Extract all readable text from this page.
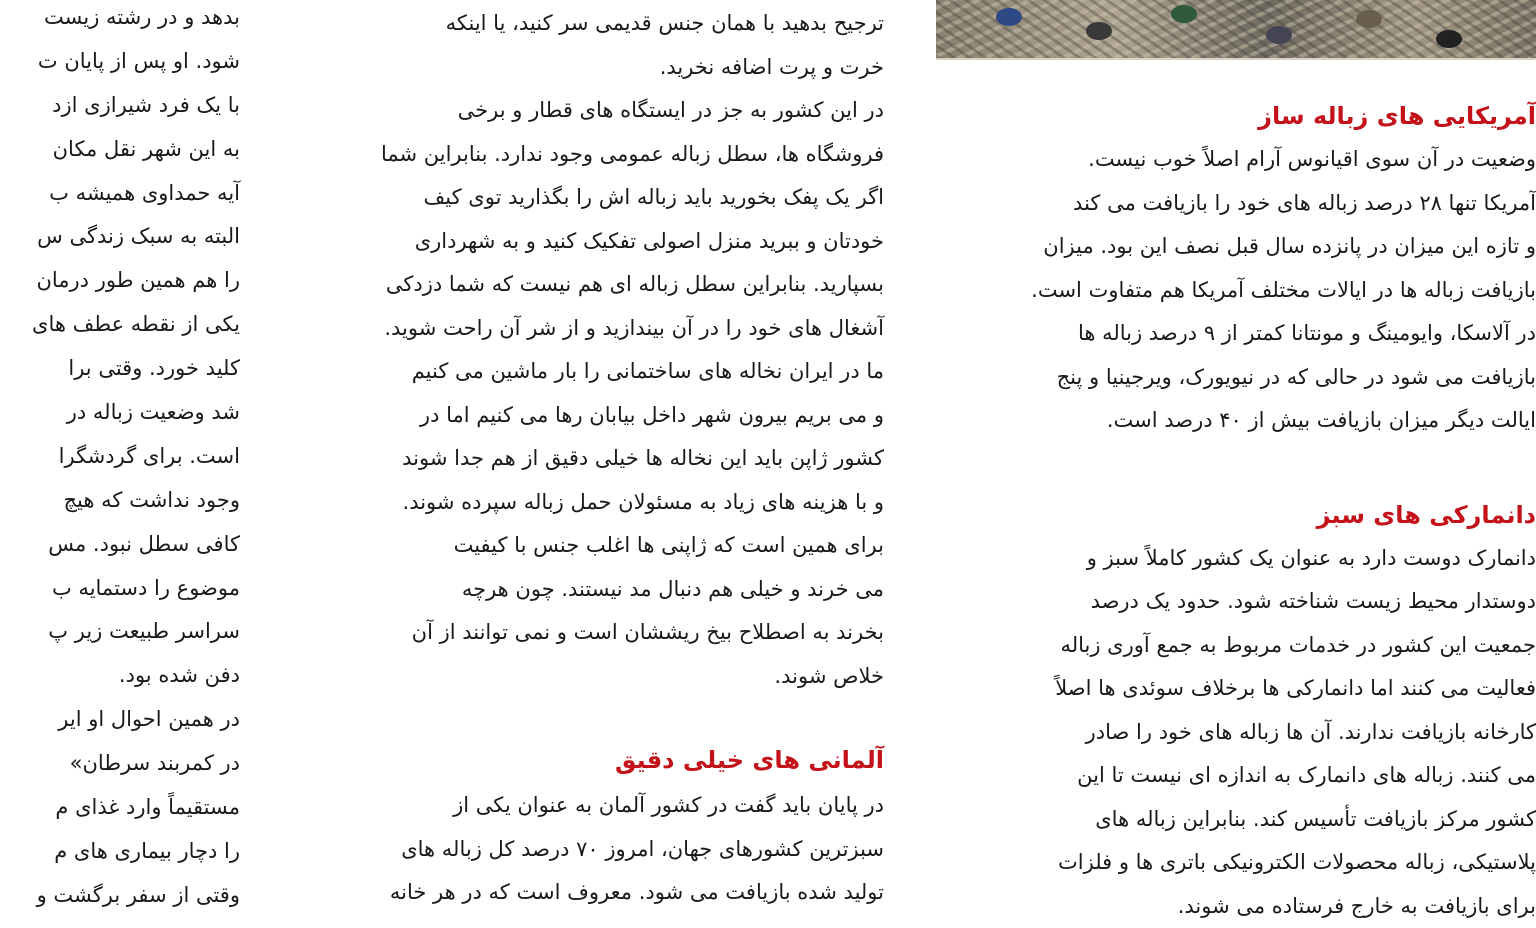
بدهد و در رشته زیست
شود. او پس از پایان ت
با یک فرد شیرازی ازد
به این شهر نقل مکان
آیه حمداوی همیشه ب
البته به سبک زندگی س
را هم همین طور درمان
یکی از نقطه عطف های
کلید خورد. وقتی برا
شد وضعیت زباله در
است. برای گردشگرا
وجود نداشت که هیچ
کافی سطل نبود. مس
موضوع را دستمایه ب
سراسر طبیعت زیر پ
دفن شده بود.
در همین احوال او ایر
در کمربند سرطان»
مستقیماً وارد غذای م
را دچار بیماری های م
وقتی از سفر برگشت و
ترجیح بدهید با همان جنس قدیمی سر کنید، یا اینکه
خرت و پرت اضافه نخرید.
در این کشور به جز در ایستگاه های قطار و برخی
فروشگاه ها، سطل زباله عمومی وجود ندارد. بنابراین شما
اگر یک پفک بخورید باید زباله اش را بگذارید توی کیف
خودتان و ببرید منزل اصولی تفکیک کنید و به شهرداری
بسپارید. بنابراین سطل زباله ای هم نیست که شما دزدکی
آشغال های خود را در آن بیندازید و از شر آن راحت شوید.
ما در ایران نخاله های ساختمانی را بار ماشین می کنیم
و می بریم بیرون شهر داخل بیابان رها می کنیم اما در
کشور ژاپن باید این نخاله ها خیلی دقیق از هم جدا شوند
و با هزینه های زیاد به مسئولان حمل زباله سپرده شوند.
برای همین است که ژاپنی ها اغلب جنس با کیفیت
می خرند و خیلی هم دنبال مد نیستند. چون هرچه
بخرند به اصطلاح بیخ ریششان است و نمی توانند از آن
خلاص شوند.
آلمانی های خیلی دقیق
در پایان باید گفت در کشور آلمان به عنوان یکی از
سبزترین کشورهای جهان، امروز ۷۰ درصد کل زباله های
تولید شده بازیافت می شود. معروف است که در هر خانه
آمریکایی های زباله ساز
وضعیت در آن سوی اقیانوس آرام اصلاً خوب نیست.
آمریکا تنها ۲۸ درصد زباله های خود را بازیافت می کند
و تازه این میزان در پانزده سال قبل نصف این بود. میزان
بازیافت زباله ها در ایالات مختلف آمریکا هم متفاوت است.
در آلاسکا، وایومینگ و مونتانا کمتر از ۹ درصد زباله ها
بازیافت می شود در حالی که در نیویورک، ویرجینیا و پنج
ایالت دیگر میزان بازیافت بیش از ۴۰ درصد است.
دانمارکی های سبز
دانمارک دوست دارد به عنوان یک کشور کاملاً سبز و
دوستدار محیط زیست شناخته شود. حدود یک درصد
جمعیت این کشور در خدمات مربوط به جمع آوری زباله
فعالیت می کنند اما دانمارکی ها برخلاف سوئدی ها اصلاً
کارخانه بازیافت ندارند. آن ها زباله های خود را صادر
می کنند. زباله های دانمارک به اندازه ای نیست تا این
کشور مرکز بازیافت تأسیس کند. بنابراین زباله های
پلاستیکی، زباله محصولات الکترونیکی باتری ها و فلزات
برای بازیافت به خارج فرستاده می شوند.
